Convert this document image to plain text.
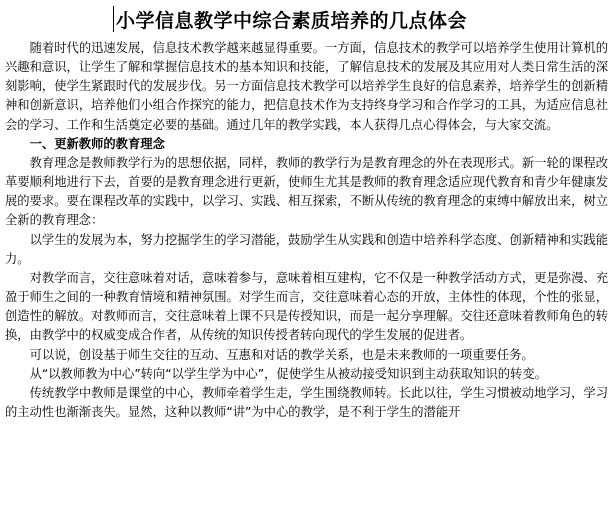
小学信息教学中综合素质培养的几点体会

随着时代的迅速发展，信息技术教学越来越显得重要。一方面，信息技术的教学可以培养学生使用计算机的兴趣和意识，让学生了解和掌握信息技术的基本知识和技能，了解信息技术的发展及其应用对人类日常生活的深刻影响，使学生紧跟时代的发展步伐。另一方面信息技术教学可以培养学生良好的信息素养，培养学生的创新精神和创新意识，培养他们小组合作探究的能力，把信息技术作为支持终身学习和合作学习的工具，为适应信息社会的学习、工作和生活奠定必要的基础。通过几年的教学实践，本人获得几点心得体会，与大家交流。

一、更新教师的教育理念

教育理念是教师教学行为的思想依据，同样，教师的教学行为是教育理念的外在表现形式。新一轮的课程改革要顺利地进行下去，首要的是教育理念进行更新，使师生尤其是教师的教育理念适应现代教育和青少年健康发展的要求。要在课程改革的实践中，以学习、实践、相互探索，不断从传统的教育理念的束缚中解放出来，树立全新的教育理念：

以学生的发展为本，努力挖掘学生的学习潜能，鼓励学生从实践和创造中培养科学态度、创新精神和实践能力。

对教学而言，交往意味着对话，意味着参与，意味着相互建构，它不仅是一种教学活动方式，更是弥漫、充盈于师生之间的一种教育情境和精神氛围。对学生而言，交往意味着心态的开放，主体性的体现，个性的张显，创造性的解放。对教师而言，交往意味着上课不只是传授知识，而是一起分享理解。交往还意味着教师角色的转换，由教学中的权威变成合作者，从传统的知识传授者转向现代的学生发展的促进者。

可以说，创设基于师生交往的互动、互惠和对话的教学关系，也是未来教师的一项重要任务。

从“以教师教为中心”转向“以学生学为中心”，促使学生从被动接受知识到主动获取知识的转变。

传统教学中教师是课堂的中心，教师牵着学生走，学生围绕教师转。长此以往，学生习惯被动地学习，学习的主动性也渐渐丧失。显然，这种以教师“讲”为中心的教学，是不利于学生的潜能开
